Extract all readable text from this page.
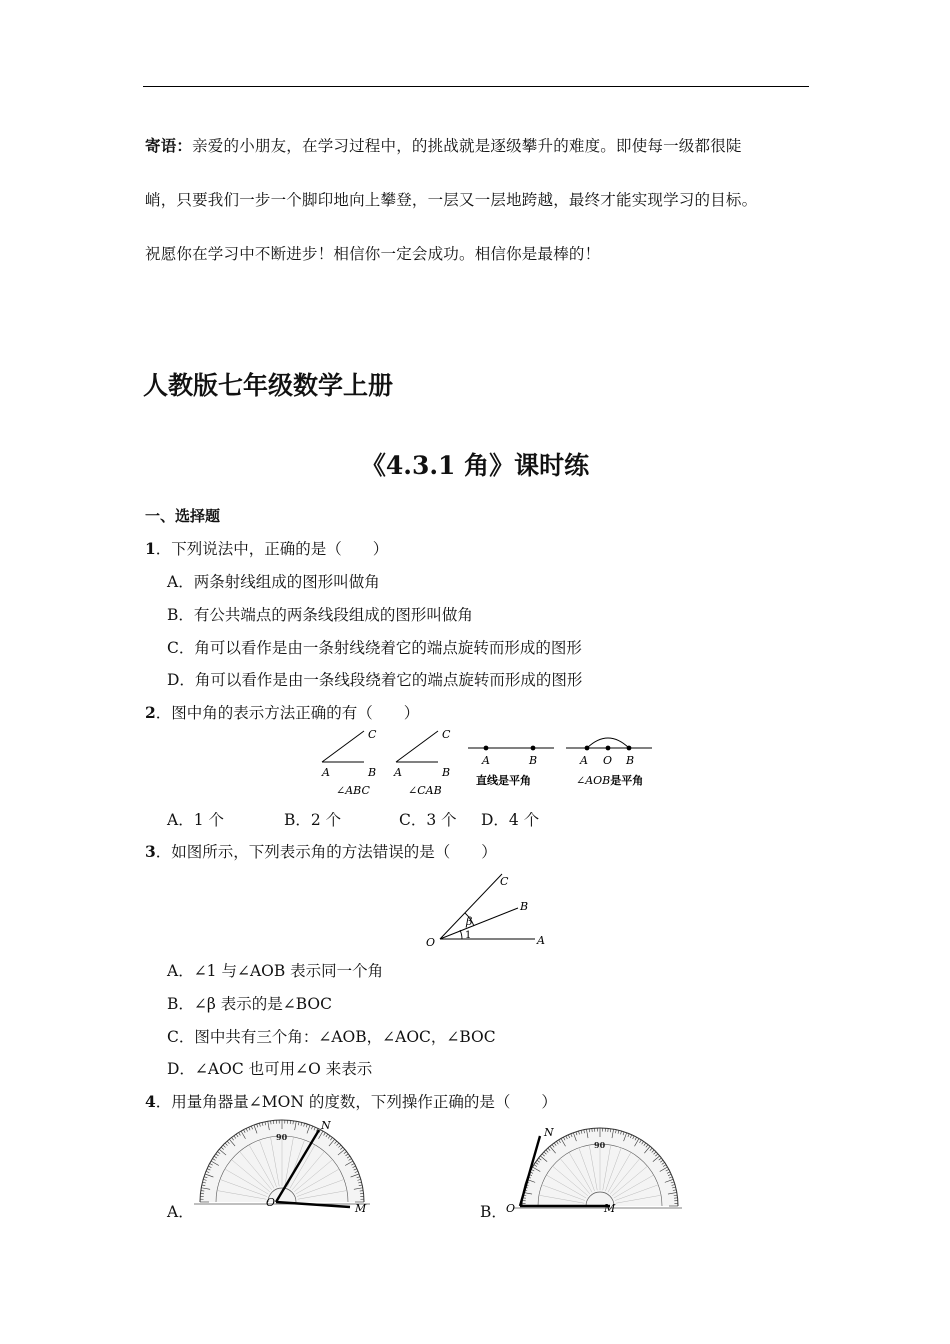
寄语：亲爱的小朋友，在学习过程中，的挑战就是逐级攀升的难度。即使每一级都很陡
峭，只要我们一步一个脚印地向上攀登，一层又一层地跨越，最终才能实现学习的目标。
祝愿你在学习中不断进步！相信你一定会成功。相信你是最棒的！
人教版七年级数学上册
《4.3.1 角》课时练
一、选择题
1．下列说法中，正确的是（　　）
A．两条射线组成的图形叫做角
B．有公共端点的两条线段组成的图形叫做角
C．角可以看作是由一条射线绕着它的端点旋转而形成的图形
D．角可以看作是由一条线段绕着它的端点旋转而形成的图形
2．图中角的表示方法正确的有（　　）
C
A	B
∠ABC
C
A	B
∠CAB
A	B
直线是平角
A O B
∠AOB是平角
A．1 个	B．2 个	C．3 个 D．4 个
3．如图所示，下列表示角的方法错误的是（　　）
O	A
B
C
β
1
A．∠1 与∠AOB 表示同一个角
B．∠β 表示的是∠BOC
C．图中共有三个角：∠AOB，∠AOC，∠BOC
D．∠AOC 也可用∠O 来表示
4．用量角器量∠MON 的度数，下列操作正确的是（　　）
A．	B．
90
N
O	M
90
N
O	M
